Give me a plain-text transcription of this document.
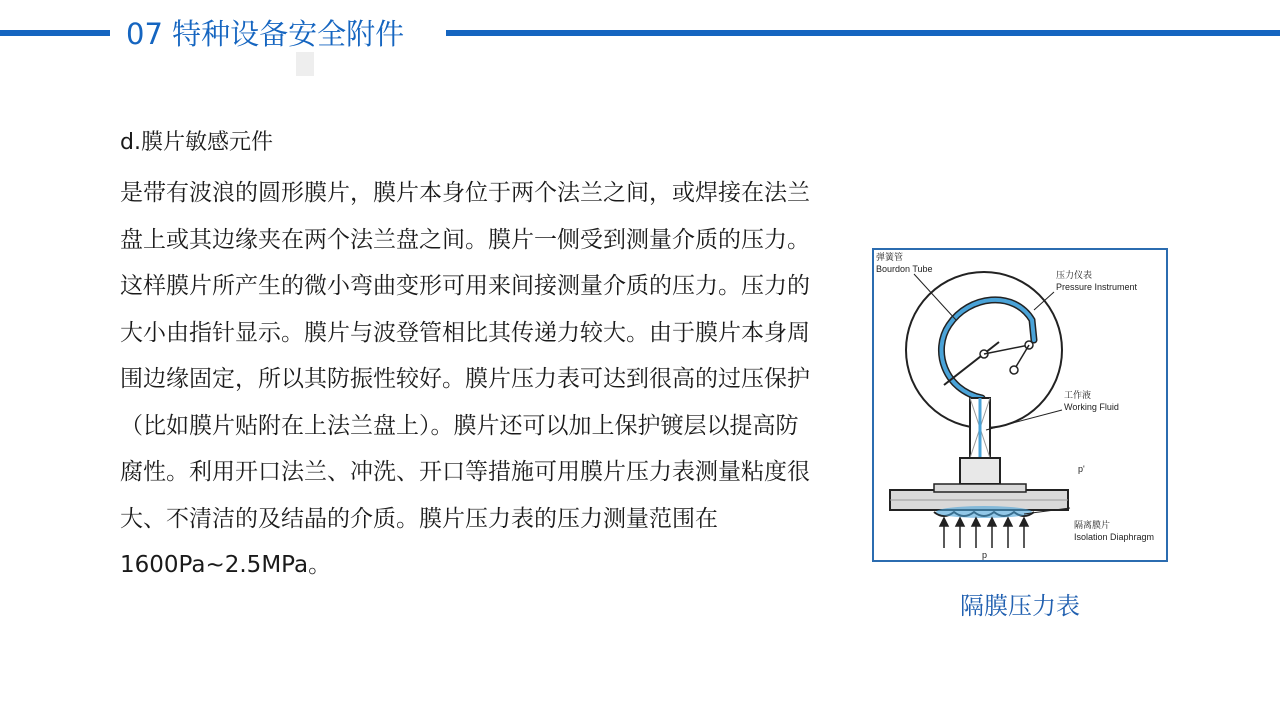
07 特种设备安全附件
d.膜片敏感元件

是带有波浪的圆形膜片，膜片本身位于两个法兰之间，或焊接在法兰盘上或其边缘夹在两个法兰盘之间。膜片一侧受到测量介质的压力。这样膜片所产生的微小弯曲变形可用来间接测量介质的压力。压力的大小由指针显示。膜片与波登管相比其传递力较大。由于膜片本身周围边缘固定，所以其防振性较好。膜片压力表可达到很高的过压保护（比如膜片贴附在上法兰盘上）。膜片还可以加上保护镀层以提高防腐性。利用开口法兰、冲洗、开口等措施可用膜片压力表测量粘度很大、不清洁的及结晶的介质。膜片压力表的压力测量范围在1600Pa~2.5MPa。

弹簧管
Bourdon Tube
压力仪表
Pressure Instrument
工作液
Working Fluid
p'
隔离膜片
Isolation Diaphragm
p
隔膜压力表
